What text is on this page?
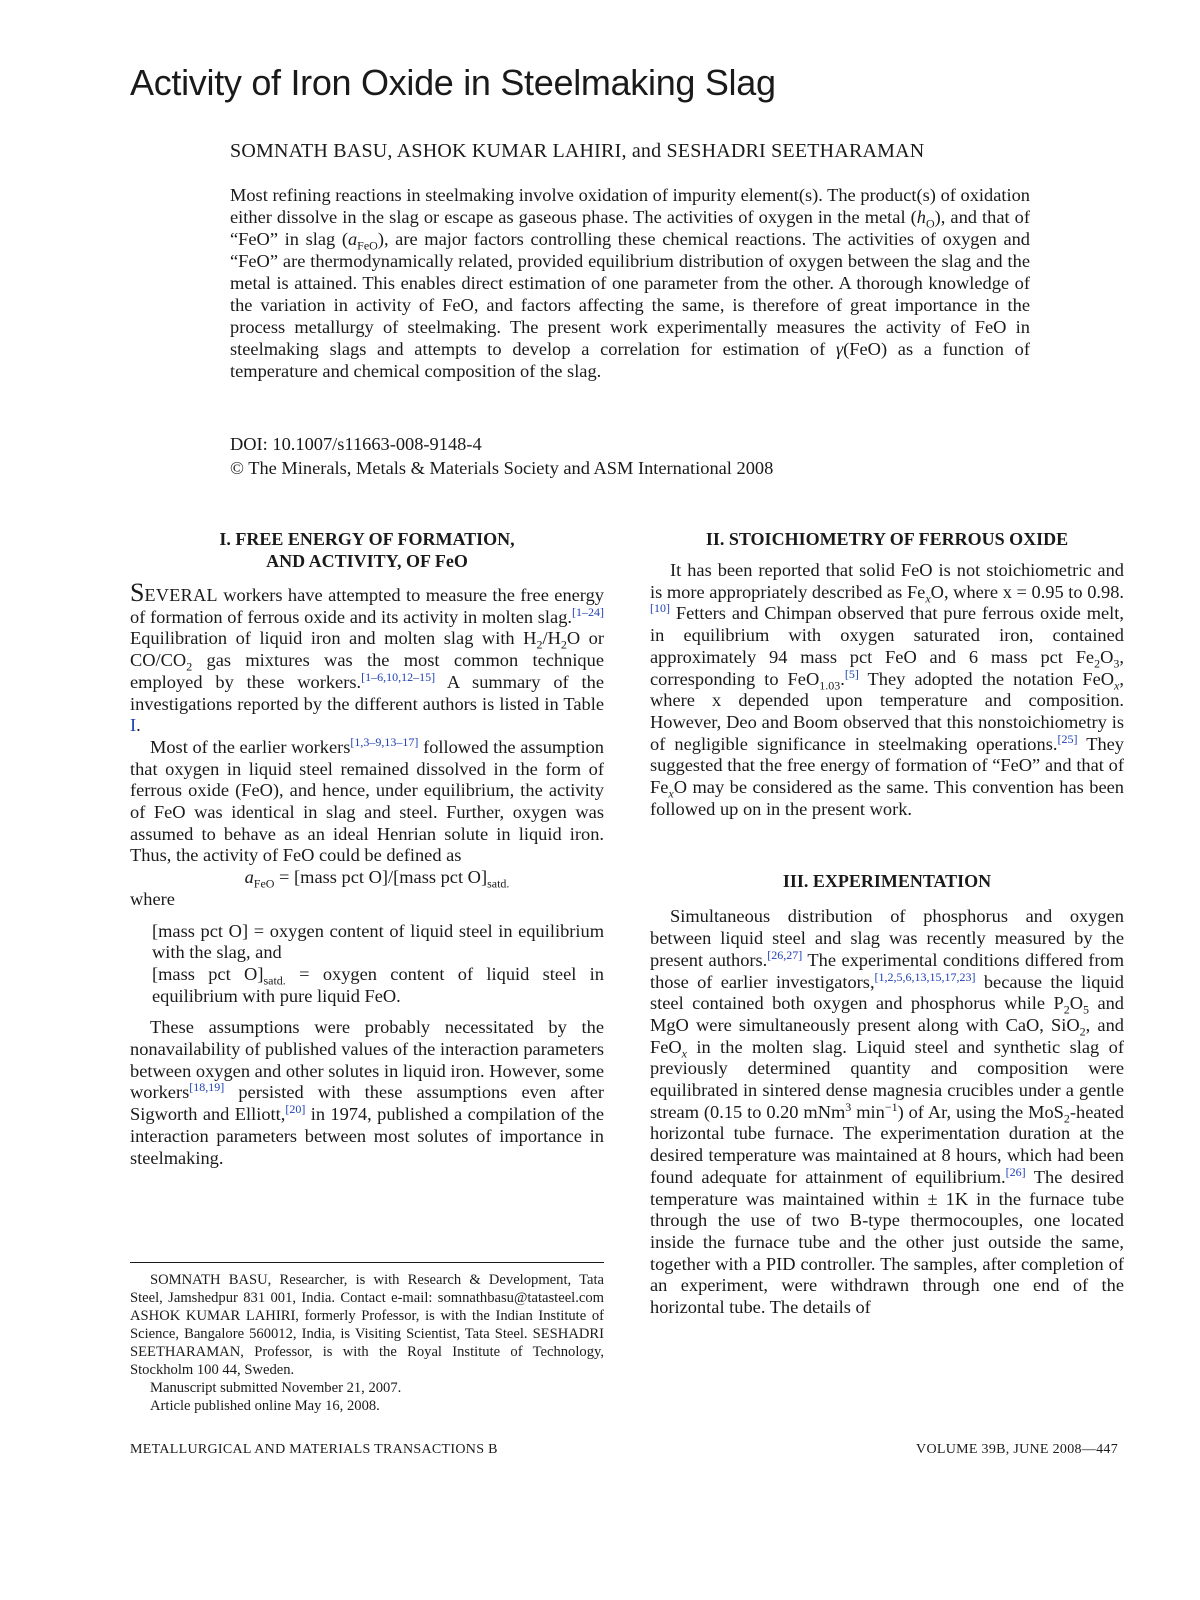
Activity of Iron Oxide in Steelmaking Slag
SOMNATH BASU, ASHOK KUMAR LAHIRI, and SESHADRI SEETHARAMAN

Most refining reactions in steelmaking involve oxidation of impurity element(s). The product(s) of oxidation either dissolve in the slag or escape as gaseous phase. The activities of oxygen in the metal $(h_O)$, and that of “FeO” in slag $(a_{FeO})$, are major factors controlling these chemical reactions. The activities of oxygen and “FeO” are thermodynamically related, provided equilibrium distribution of oxygen between the slag and the metal is attained. This enables direct estimation of one parameter from the other. A thorough knowledge of the variation in activity of FeO, and factors affecting the same, is therefore of great importance in the process metallurgy of steelmaking. The present work experimentally measures the activity of FeO in steelmaking slags and attempts to develop a correlation for estimation of γ(FeO) as a function of temperature and chemical composition of the slag.

DOI: 10.1007/s11663-008-9148-4
© The Minerals, Metals & Materials Society and ASM International 2008
I. FREE ENERGY OF FORMATION,
AND ACTIVITY, OF FeO

SEVERAL workers have attempted to measure the free energy of formation of ferrous oxide and its activity in molten slag.[1–24] Equilibration of liquid iron and molten slag with $H_2/H_2O$ or $CO/CO_2$ gas mixtures was the most common technique employed by these workers.[1–6,10,12–15] A summary of the investigations reported by the different authors is listed in Table I.

Most of the earlier workers[1,3–9,13–17] followed the assumption that oxygen in liquid steel remained dissolved in the form of ferrous oxide (FeO), and hence, under equilibrium, the activity of FeO was identical in slag and steel. Further, oxygen was assumed to behave as an ideal Henrian solute in liquid iron. Thus, the activity of FeO could be defined as

$a_{FeO}$ = [mass pct O]/[mass pct $O]_{satd.}$

where

[mass pct O] = oxygen content of liquid steel in equilibrium with the slag, and
[mass pct $O]_{satd.}$ = oxygen content of liquid steel in equilibrium with pure liquid FeO.

These assumptions were probably necessitated by the nonavailability of published values of the interaction parameters between oxygen and other solutes in liquid iron. However, some workers[18,19] persisted with these assumptions even after Sigworth and Elliott,[20] in 1974, published a compilation of the interaction parameters between most solutes of importance in steelmaking.

II. STOICHIOMETRY OF FERROUS OXIDE

It has been reported that solid FeO is not stoichiometric and is more appropriately described as $Fe_xO$, where x = 0.95 to 0.98.[10] Fetters and Chimpan observed that pure ferrous oxide melt, in equilibrium with oxygen saturated iron, contained approximately 94 mass pct FeO and 6 mass pct $Fe_2O_3$, corresponding to FeO$_{1.03}$.[5] They adopted the notation FeO$_x$, where x depended upon temperature and composition. However, Deo and Boom observed that this nonstoichiometry is of negligible significance in steelmaking operations.[25] They suggested that the free energy of formation of “FeO” and that of $Fe_xO$ may be considered as the same. This convention has been followed up on in the present work.

III. EXPERIMENTATION

Simultaneous distribution of phosphorus and oxygen between liquid steel and slag was recently measured by the present authors.[26,27] The experimental conditions differed from those of earlier investigators,[1,2,5,6,13,15,17,23] because the liquid steel contained both oxygen and phosphorus while $P_2O_5$ and MgO were simultaneously present along with CaO, SiO$_2$, and FeO$_x$ in the molten slag. Liquid steel and synthetic slag of previously determined quantity and composition were equilibrated in sintered dense magnesia crucibles under a gentle stream (0.15 to 0.20 mNm$^3$ $\min^{-1}$) of Ar, using the MoS$_2$-heated horizontal tube furnace. The experimentation duration at the desired temperature was maintained at 8 hours, which had been found adequate for attainment of equilibrium.[26] The desired temperature was maintained within ± 1K in the furnace tube through the use of two B-type thermocouples, one located inside the furnace tube and the other just outside the same, together with a PID controller. The samples, after completion of an experiment, were withdrawn through one end of the horizontal tube. The details of

SOMNATH BASU, Researcher, is with Research & Development, Tata Steel, Jamshedpur 831 001, India. Contact e-mail: somnathbasu@tatasteel.com ASHOK KUMAR LAHIRI, formerly Professor, is with the Indian Institute of Science, Bangalore 560012, India, is Visiting Scientist, Tata Steel. SESHADRI SEETHARAMAN, Professor, is with the Royal Institute of Technology, Stockholm 100 44, Sweden.
Manuscript submitted November 21, 2007.
Article published online May 16, 2008.
METALLURGICAL AND MATERIALS TRANSACTIONS B	VOLUME 39B, JUNE 2008—447
